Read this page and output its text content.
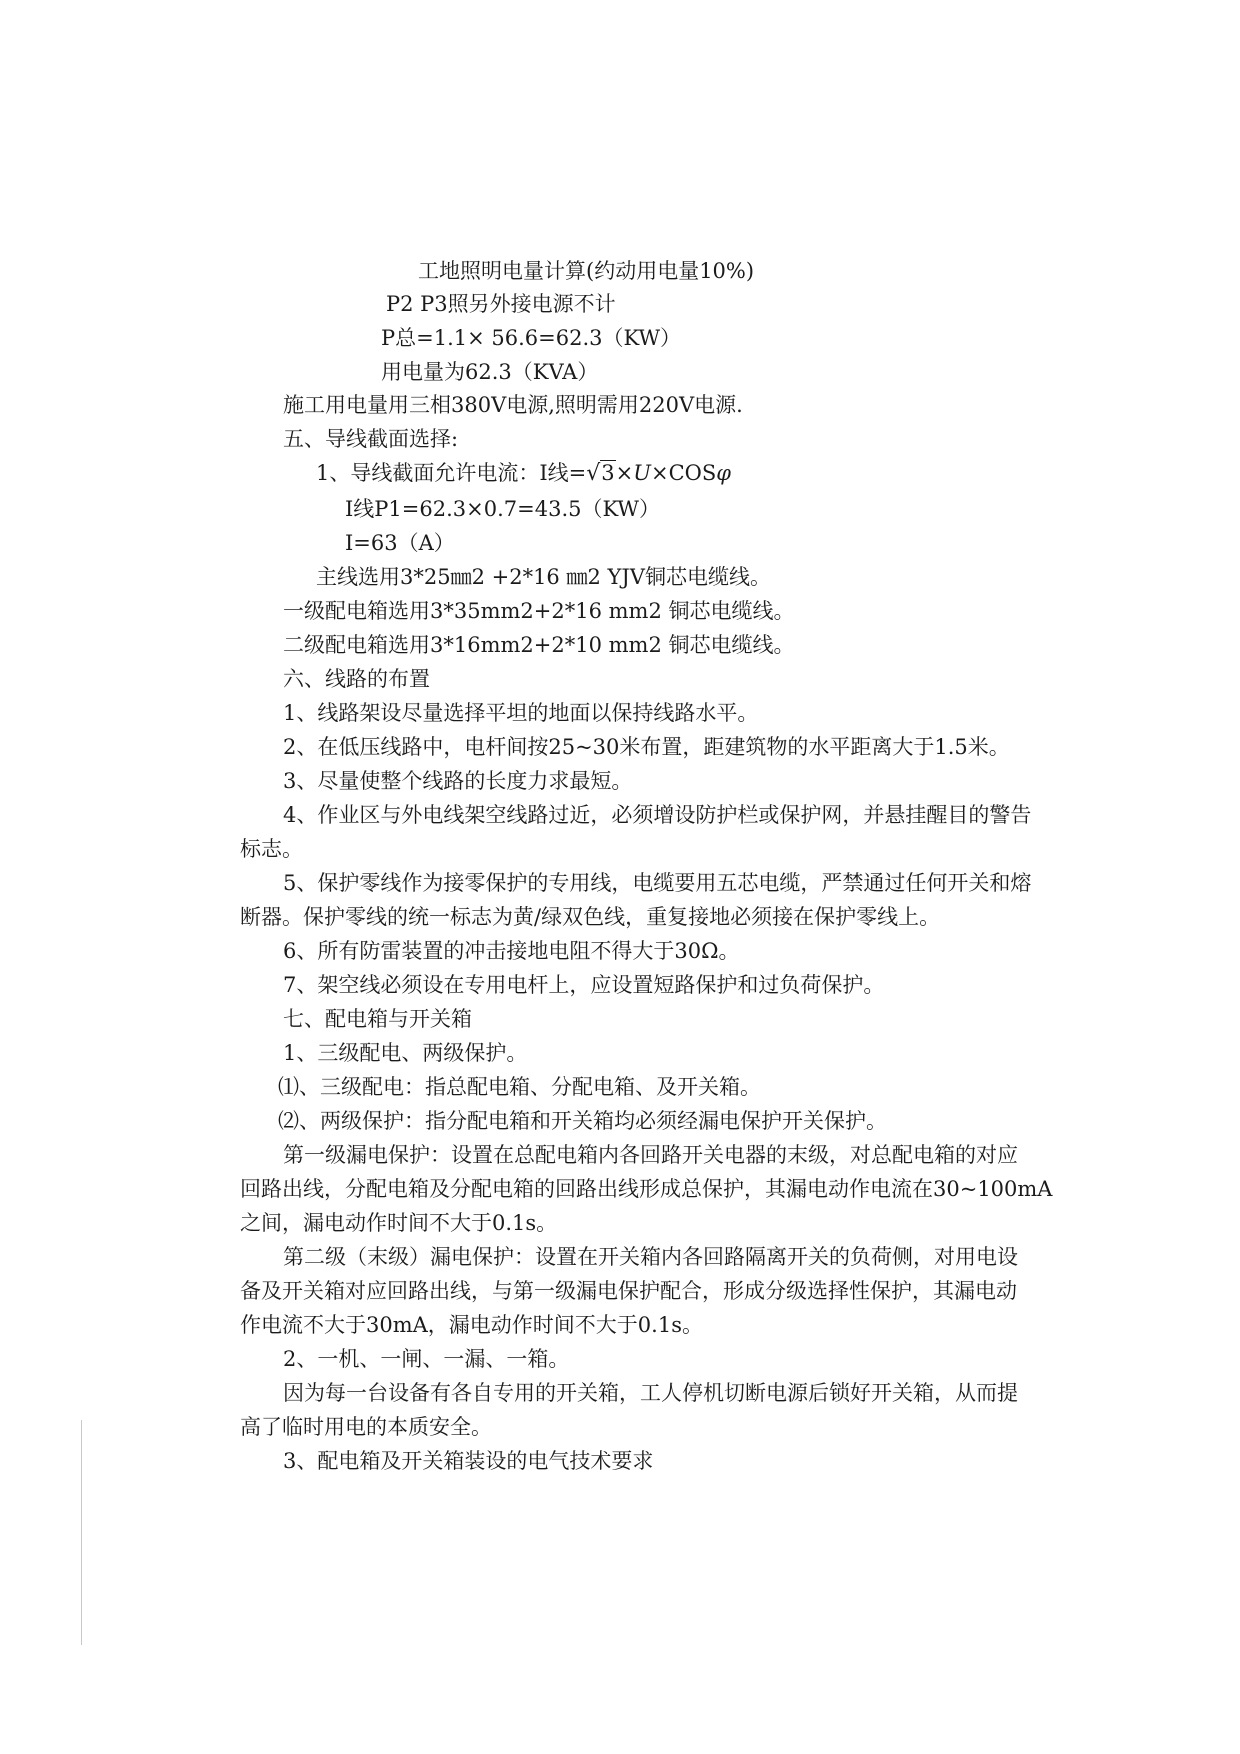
工地照明电量计算(约动用电量10%)
P2 P3照另外接电源不计
P总=1.1× 56.6=62.3（KW）
用电量为62.3（KVA）
施工用电量用三相380V电源,照明需用220V电源.
五、导线截面选择:
1、导线截面允许电流：I线=√3×U×COSφ
I线P1=62.3×0.7=43.5（KW）
I=63（A）
主线选用3*25㎜2 +2*16 ㎜2 YJV铜芯电缆线。
一级配电箱选用3*35mm2+2*16 mm2 铜芯电缆线。
二级配电箱选用3*16mm2+2*10 mm2 铜芯电缆线。
六、线路的布置
1、线路架设尽量选择平坦的地面以保持线路水平。
2、在低压线路中，电杆间按25~30米布置，距建筑物的水平距离大于1.5米。
3、尽量使整个线路的长度力求最短。
4、作业区与外电线架空线路过近，必须增设防护栏或保护网，并悬挂醒目的警告
标志。
5、保护零线作为接零保护的专用线，电缆要用五芯电缆，严禁通过任何开关和熔
断器。保护零线的统一标志为黄/绿双色线，重复接地必须接在保护零线上。
6、所有防雷装置的冲击接地电阻不得大于30Ω。
7、架空线必须设在专用电杆上，应设置短路保护和过负荷保护。
七、配电箱与开关箱
1、三级配电、两级保护。
⑴、三级配电：指总配电箱、分配电箱、及开关箱。
⑵、两级保护：指分配电箱和开关箱均必须经漏电保护开关保护。
第一级漏电保护：设置在总配电箱内各回路开关电器的末级，对总配电箱的对应
回路出线，分配电箱及分配电箱的回路出线形成总保护，其漏电动作电流在30~100mA
之间，漏电动作时间不大于0.1s。
第二级（末级）漏电保护：设置在开关箱内各回路隔离开关的负荷侧，对用电设
备及开关箱对应回路出线，与第一级漏电保护配合，形成分级选择性保护，其漏电动
作电流不大于30mA，漏电动作时间不大于0.1s。
2、一机、一闸、一漏、一箱。
因为每一台设备有各自专用的开关箱，工人停机切断电源后锁好开关箱，从而提
高了临时用电的本质安全。
3、配电箱及开关箱装设的电气技术要求
